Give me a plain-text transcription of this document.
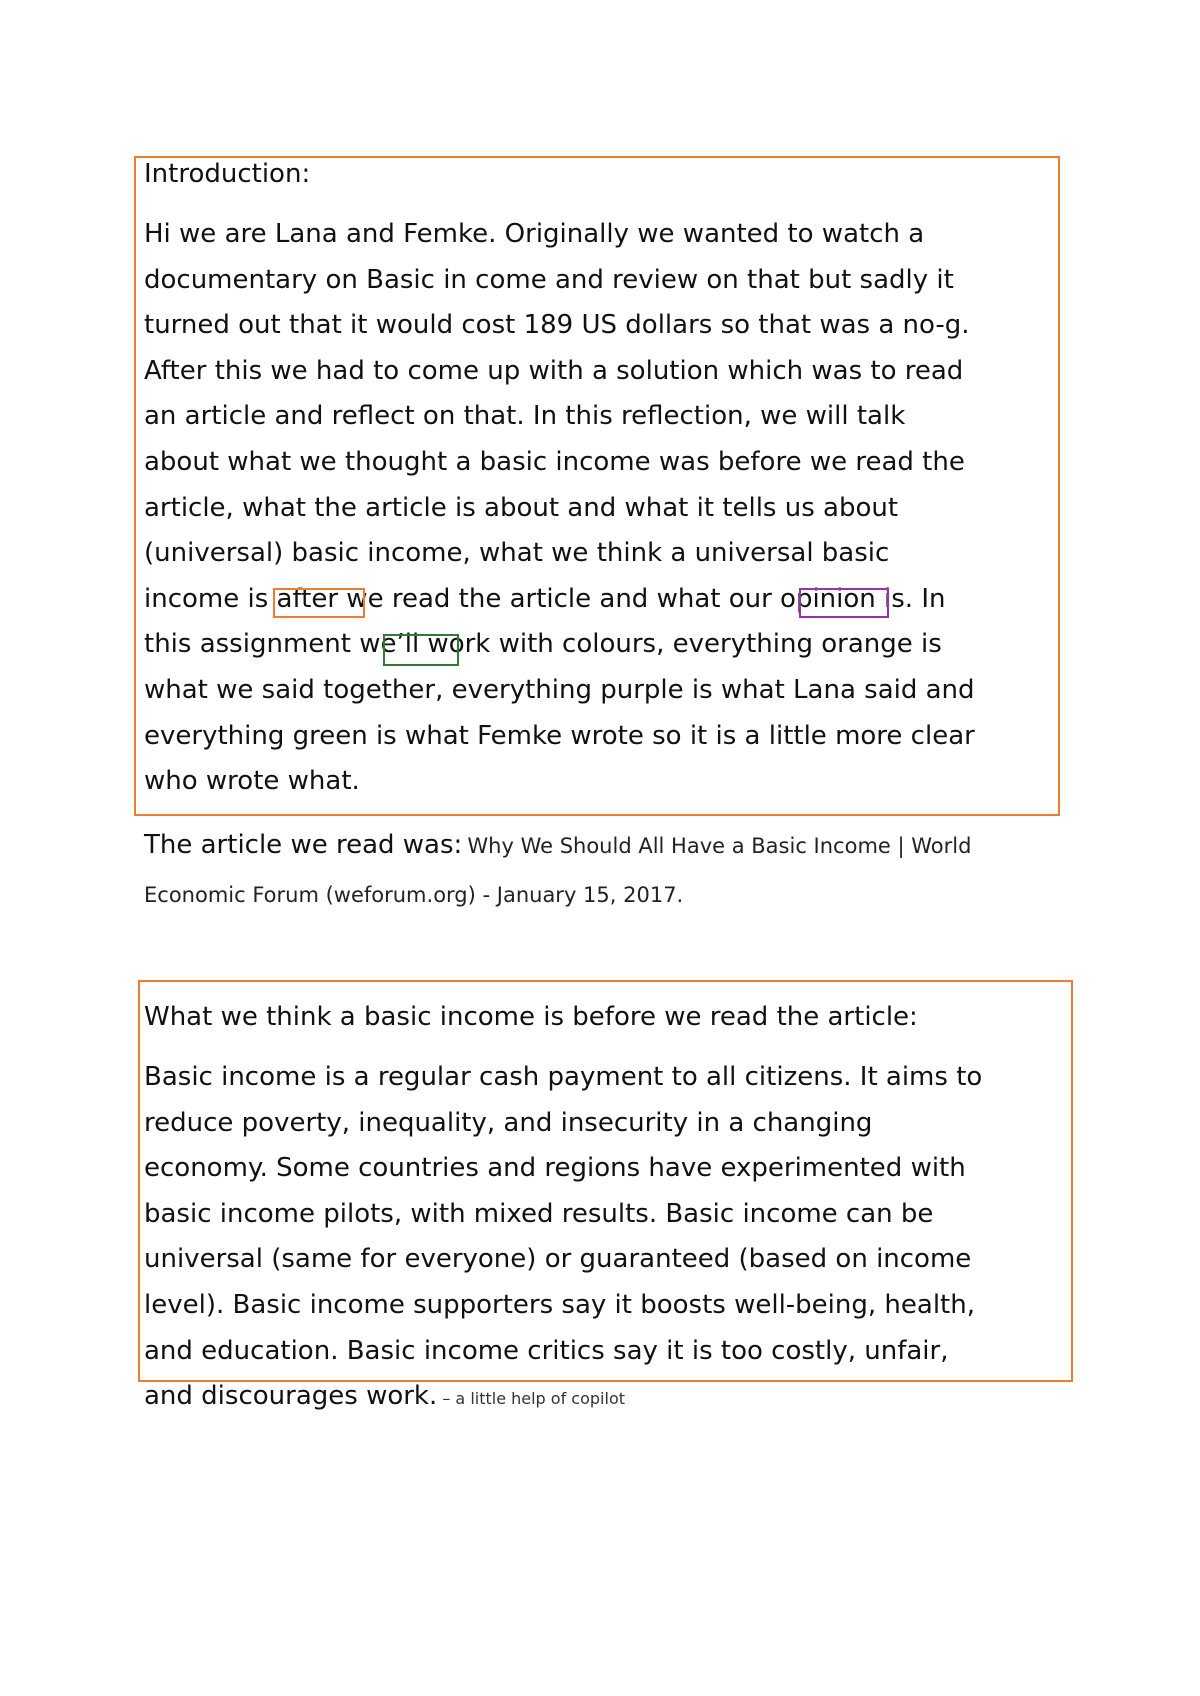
Introduction:
Hi we are Lana and Femke. Originally we wanted to watch a
documentary on Basic in come and review on that but sadly it
turned out that it would cost 189 US dollars so that was a no-g.
After this we had to come up with a solution which was to read
an article and reflect on that. In this reflection, we will talk
about what we thought a basic income was before we read the
article, what the article is about and what it tells us about
(universal) basic income, what we think a universal basic
income is after we read the article and what our opinion is. In
this assignment we’ll work with colours, everything orange is
what we said together, everything purple is what Lana said and
everything green is what Femke wrote so it is a little more clear
who wrote what.
The article we read was: Why We Should All Have a Basic Income | World
Economic Forum (weforum.org) - January 15, 2017.
What we think a basic income is before we read the article:
Basic income is a regular cash payment to all citizens. It aims to
reduce poverty, inequality, and insecurity in a changing
economy. Some countries and regions have experimented with
basic income pilots, with mixed results. Basic income can be
universal (same for everyone) or guaranteed (based on income
level). Basic income supporters say it boosts well-being, health,
and education. Basic income critics say it is too costly, unfair,
and discourages work. – a little help of copilot
